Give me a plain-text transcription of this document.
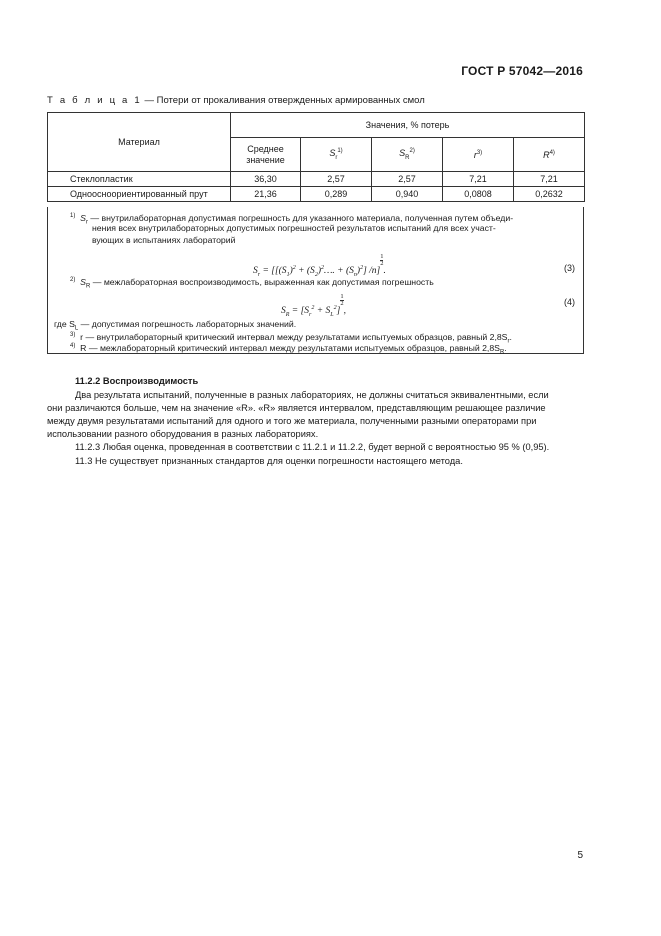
ГОСТ Р 57042—2016
Т а б л и ц а 1 — Потери от прокаливания отвержденных армированных смол
Материал	Значения, % потерь				
	Среднее значение	$S_r^{1)}$	$S_R^{2)}$	$r^{3)}$	$R^{4)}$
Стеклопластик	36,30	2,57	2,57	7,21	7,21
Одноосноориентированный прут	21,36	0,289	0,940	0,0808	0,2632
$^{1)}$ $S_r$ — внутрилабораторная допустимая погрешность для указанного материала, полученная путем объеди-
нения всех внутрилабораторных допустимых погрешностей результатов испытаний для всех участ-
вующих в испытаниях лабораторий
$S_r = [[(S_1)^2$ + $(S_2)^2\dots$. + $(S_n)^2$] /n]
$\frac{1}{2}$
.	(3)
$^{2)}$ $S_R$ — межлабораторная воспроизводимость, выраженная как допустимая погрешность
$S_R = [S_r^2 + S_L^2]$
$\frac{1}{2}$
,
(4)
где $S_L$ — допустимая погрешность лабораторных значений.
$^{3)}$ r — внутрилабораторный критический интервал между результатами испытуемых образцов, равный $2,8S_r$.
$^{4)}$ R — межлабораторный критический интервал между результатами испытуемых образцов, равный $2,8S_R$.
11.2.2 Воспроизводимость
Два результата испытаний, полученные в разных лабораториях, не должны считаться эквивалентными, если
они различаются больше, чем на значение «R». «R» является интервалом, представляющим решающее различие
между двумя результатами испытаний для одного и того же материала, полученными разными операторами при
использовании разного оборудования в разных лабораториях.
11.2.3 Любая оценка, проведенная в соответствии с 11.2.1 и 11.2.2, будет верной с вероятностью 95 % (0,95).
11.3 Не существует признанных стандартов для оценки погрешности настоящего метода.
5
